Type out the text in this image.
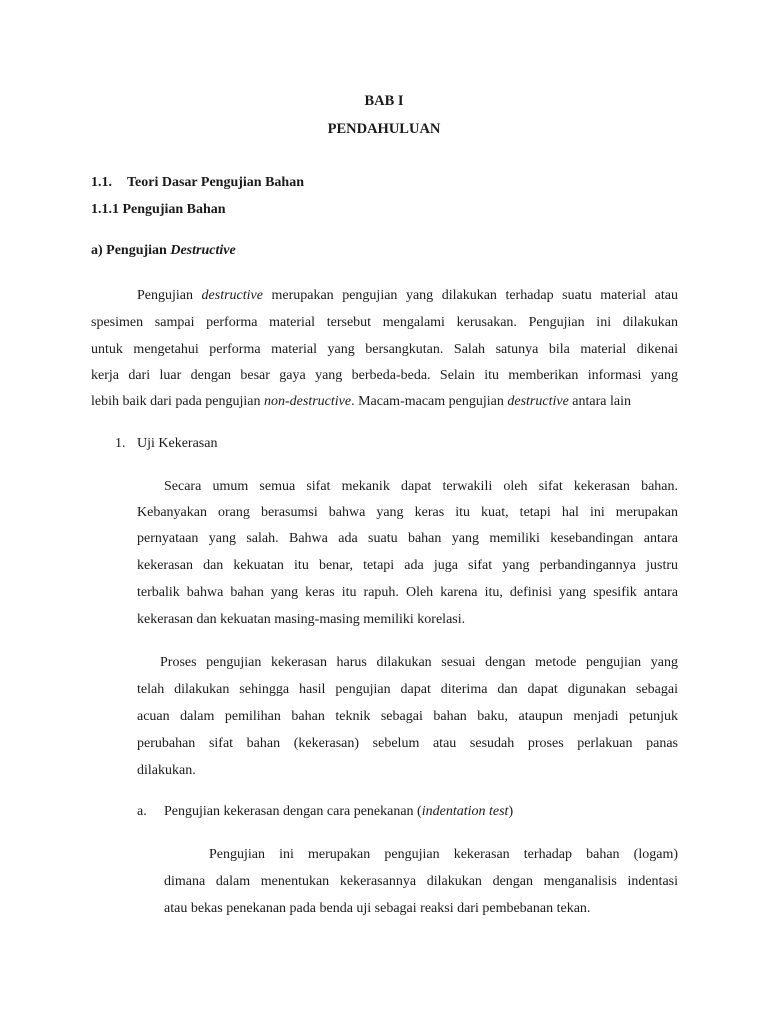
BAB I
PENDAHULUAN
1.1. Teori Dasar Pengujian Bahan
1.1.1 Pengujian Bahan
a) Pengujian Destructive
Pengujian destructive merupakan pengujian yang dilakukan terhadap suatu material atau
spesimen sampai performa material tersebut mengalami kerusakan. Pengujian ini dilakukan
untuk mengetahui performa material yang bersangkutan. Salah satunya bila material dikenai
kerja dari luar dengan besar gaya yang berbeda-beda. Selain itu memberikan informasi yang
lebih baik dari pada pengujian non-destructive. Macam-macam pengujian destructive antara lain
1. Uji Kekerasan
Secara umum semua sifat mekanik dapat terwakili oleh sifat kekerasan bahan.
Kebanyakan orang berasumsi bahwa yang keras itu kuat, tetapi hal ini merupakan
pernyataan yang salah. Bahwa ada suatu bahan yang memiliki kesebandingan antara
kekerasan dan kekuatan itu benar, tetapi ada juga sifat yang perbandingannya justru
terbalik bahwa bahan yang keras itu rapuh. Oleh karena itu, definisi yang spesifik antara
kekerasan dan kekuatan masing-masing memiliki korelasi.
Proses pengujian kekerasan harus dilakukan sesuai dengan metode pengujian yang
telah dilakukan sehingga hasil pengujian dapat diterima dan dapat digunakan sebagai
acuan dalam pemilihan bahan teknik sebagai bahan baku, ataupun menjadi petunjuk
perubahan sifat bahan (kekerasan) sebelum atau sesudah proses perlakuan panas
dilakukan.
a. Pengujian kekerasan dengan cara penekanan (indentation test)
Pengujian ini merupakan pengujian kekerasan terhadap bahan (logam)
dimana dalam menentukan kekerasannya dilakukan dengan menganalisis indentasi
atau bekas penekanan pada benda uji sebagai reaksi dari pembebanan tekan.
